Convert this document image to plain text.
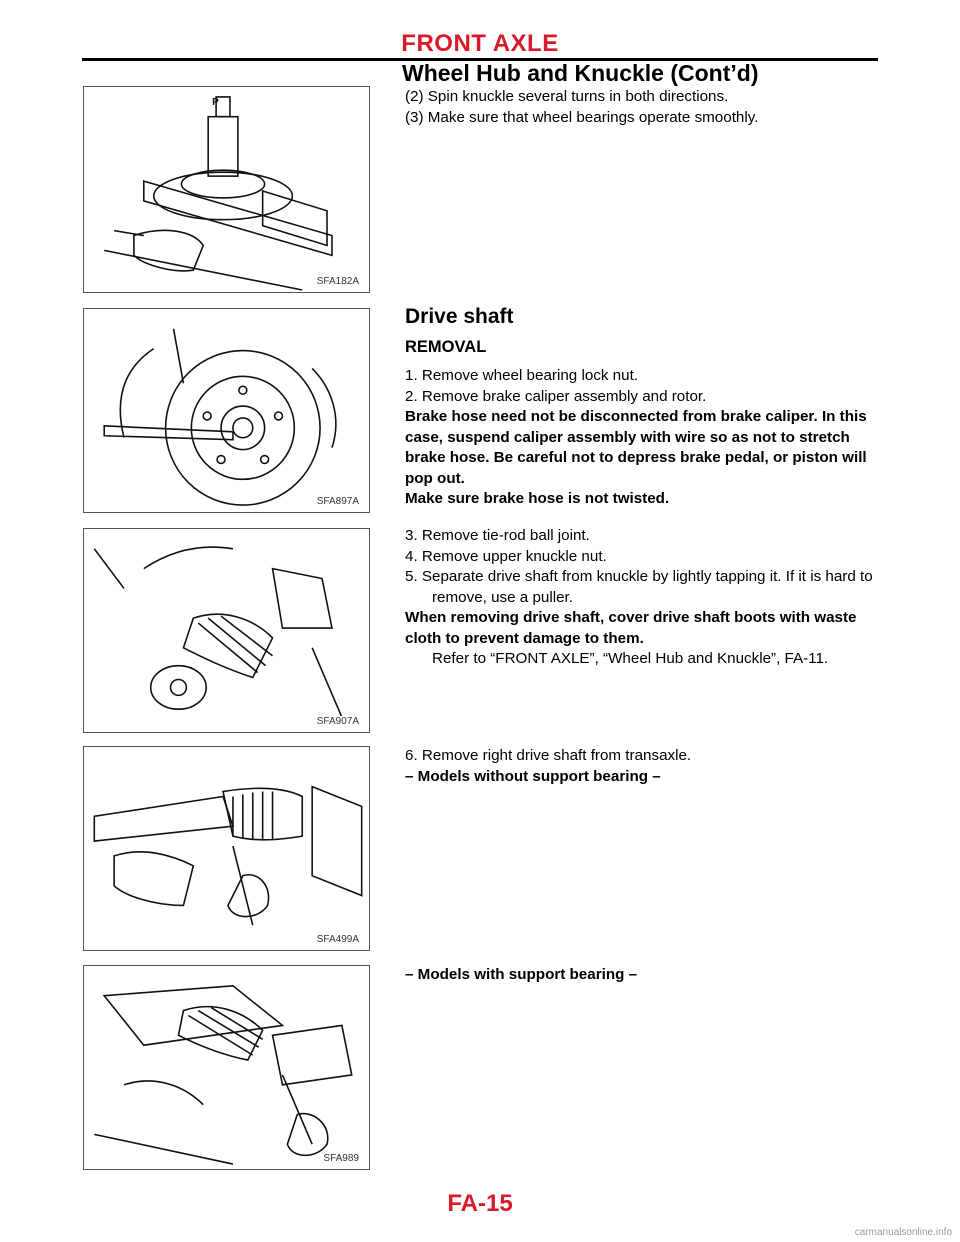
FRONT AXLE
Wheel Hub and Knuckle (Cont’d)
P
SFA182A
SFA897A
SFA907A
SFA499A
SFA989

(2) Spin knuckle several turns in both directions.

(3) Make sure that wheel bearings operate smoothly.

Drive shaft
REMOVAL

1. Remove wheel bearing lock nut.

2. Remove brake caliper assembly and rotor.

Brake hose need not be disconnected from brake caliper. In this case, suspend caliper assembly with wire so as not to stretch brake hose. Be careful not to depress brake pedal, or piston will pop out.

Make sure brake hose is not twisted.

3. Remove tie-rod ball joint.

4. Remove upper knuckle nut.

5. Separate drive shaft from knuckle by lightly tapping it. If it is hard to remove, use a puller.

When removing drive shaft, cover drive shaft boots with waste cloth to prevent damage to them.

Refer to “FRONT AXLE”, “Wheel Hub and Knuckle”, FA-11.

6. Remove right drive shaft from transaxle.

– Models without support bearing –

– Models with support bearing –

FA-15
carmanualsonline.info
